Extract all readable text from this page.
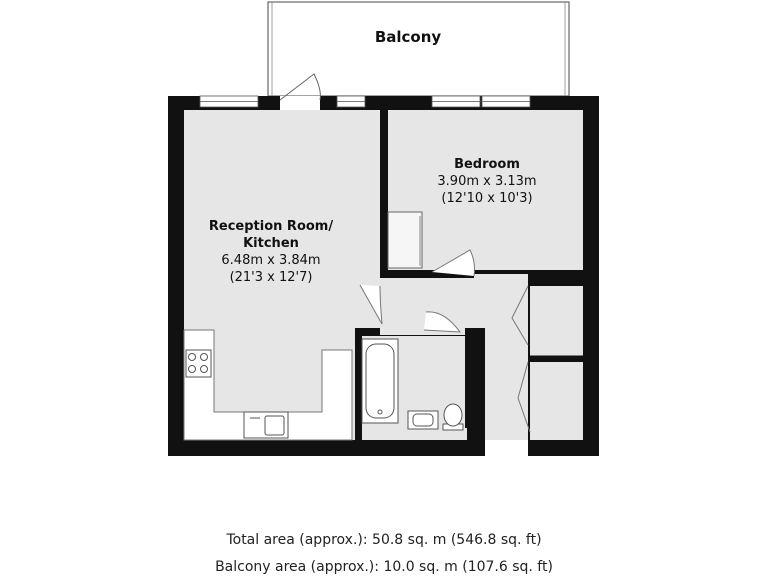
Balcony
Bedroom
3.90m x 3.13m
(12'10 x 10'3)
Reception Room/
Kitchen
6.48m x 3.84m
(21'3 x 12'7)
Total area (approx.): 50.8 sq. m (546.8 sq. ft)
Balcony area (approx.): 10.0 sq. m (107.6 sq. ft)
